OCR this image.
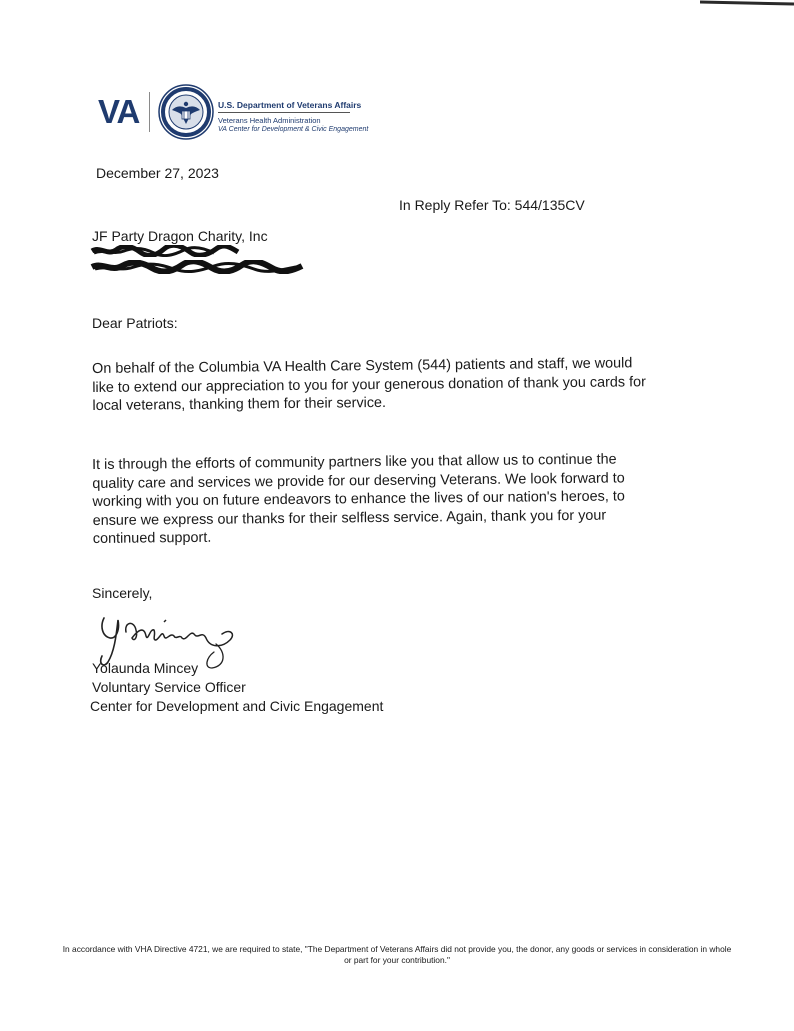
VA	U.S. Department of Veterans Affairs
Veterans Health Administration
VA Center for Development & Civic Engagement
December 27, 2023
In Reply Refer To: 544/135CV
JF Party Dragon Charity, Inc
Dear Patriots:
On behalf of the Columbia VA Health Care System (544) patients and staff, we would like to extend our appreciation to you for your generous donation of thank you cards for local veterans, thanking them for their service.
It is through the efforts of community partners like you that allow us to continue the quality care and services we provide for our deserving Veterans. We look forward to working with you on future endeavors to enhance the lives of our nation's heroes, to ensure we express our thanks for their selfless service. Again, thank you for your continued support.
Sincerely,
Yolaunda Mincey
Voluntary Service Officer
Center for Development and Civic Engagement
In accordance with VHA Directive 4721, we are required to state, "The Department of Veterans Affairs did not provide you, the donor, any goods or services in consideration in whole or part for your contribution."
